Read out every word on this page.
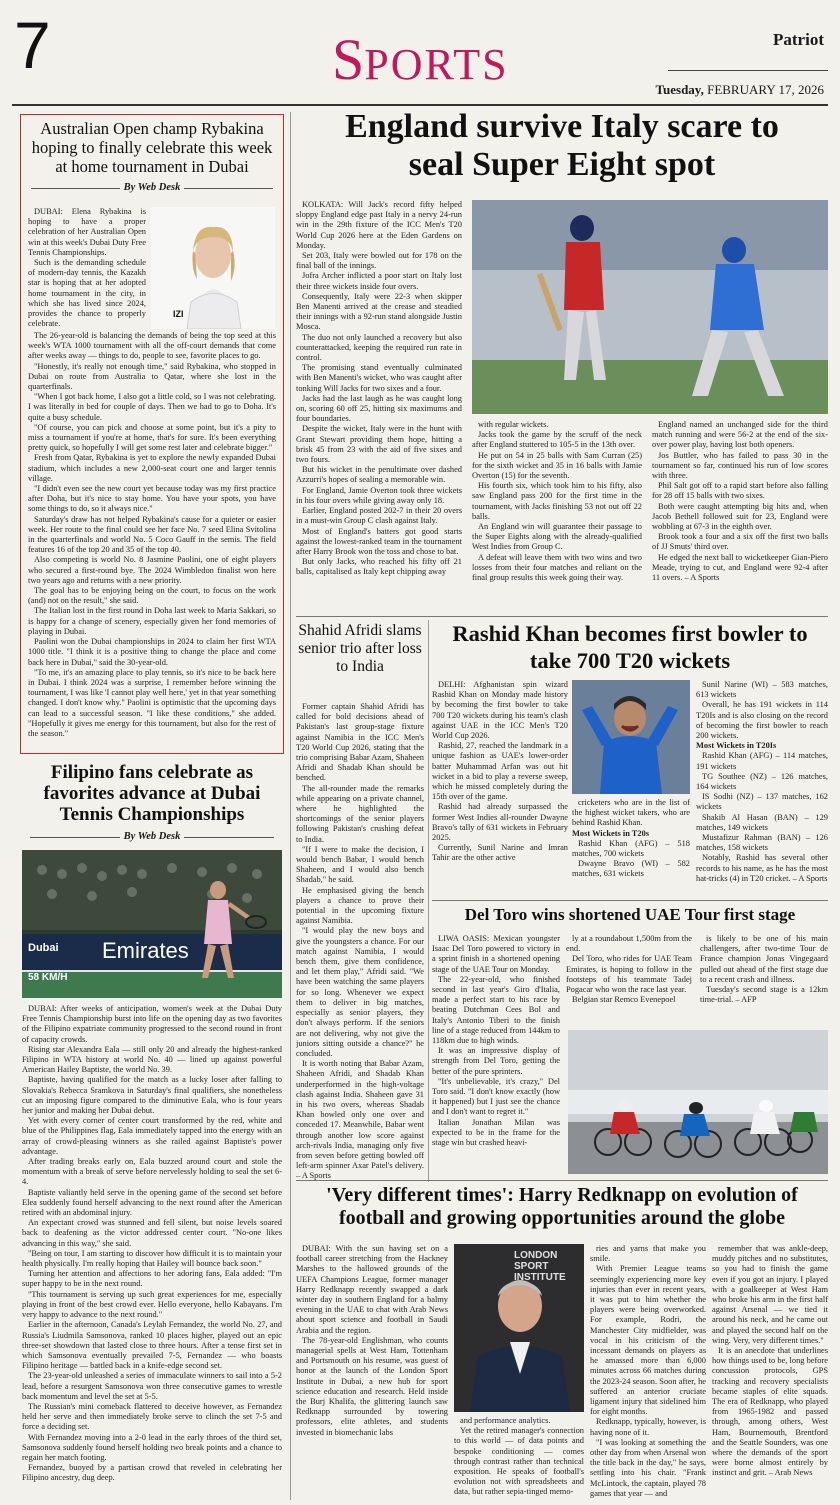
7	SPORTS
Patriot
Tuesday, FEBRUARY 17, 2026
Australian Open champ Rybakina hoping to finally celebrate this week at home tournament in Dubai
By Web Desk
IZI

DUBAI: Elena Rybakina is hoping to have a proper celebration of her Australian Open win at this week's Dubai Duty Free Tennis Championships.

Such is the demanding schedule of modern-day tennis, the Kazakh star is hoping that at her adopted home tournament in the city, in which she has lived since 2024, provides the chance to properly celebrate.

The 26-year-old is balancing the demands of being the top seed at this week's WTA 1000 tournament with all the off-court demands that come after weeks away — things to do, people to see, favorite places to go.

"Honestly, it's really not enough time," said Rybakina, who stopped in Dubai on route from Australia to Qatar, where she lost in the quarterfinals.

"When I got back home, I also got a little cold, so I was not celebrating. I was literally in bed for couple of days. Then we had to go to Doha. It's quite a busy schedule.

"Of course, you can pick and choose at some point, but it's a pity to miss a tournament if you're at home, that's for sure. It's been everything pretty quick, so hopefully I will get some rest later and celebrate bigger."

Fresh from Qatar, Rybakina is yet to explore the newly expanded Dubai stadium, which includes a new 2,000-seat court one and larger tennis village.

"I didn't even see the new court yet because today was my first practice after Doha, but it's nice to stay home. You have your spots, you have some things to do, so it always nice."

Saturday's draw has not helped Rybakina's cause for a quieter or easier week. Her route to the final could see her face No. 7 seed Elina Svitolina in the quarterfinals and world No. 5 Coco Gauff in the semis. The field features 16 of the top 20 and 35 of the top 40.

Also competing is world No. 8 Jasmine Paolini, one of eight players who secured a first-round bye. The 2024 Wimbledon finalist won here two years ago and returns with a new priority.

The goal has to be enjoying being on the court, to focus on the work (and) not on the result," she said.

The Italian lost in the first round in Doha last week to Maria Sakkari, so is happy for a change of scenery, especially given her fond memories of playing in Dubai.

Paolini won the Dubai championships in 2024 to claim her first WTA 1000 title. "I think it is a positive thing to change the place and come back here in Dubai," said the 30-year-old.

"To me, it's an amazing place to play tennis, so it's nice to be back here in Dubai. I think 2024 was a surprise, I remember before winning the tournament, I was like 'I cannot play well here,' yet in that year something changed. I don't know why." Paolini is optimistic that the upcoming days can lead to a successful season. "I like these conditions," she added. "Hopefully it gives me energy for this tournament, but also for the rest of the season."

Filipino fans celebrate as favorites advance at Dubai Tennis Championships
By Web Desk
Dubai Emirates
58 KM/H

DUBAI: After weeks of anticipation, women's week at the Dubai Duty Free Tennis Championship burst into life on the opening day as two favorites of the Filipino expatriate community progressed to the second round in front of capacity crowds.

Rising star Alexandra Eala — still only 20 and already the highest-ranked Filipino in WTA history at world No. 40 — lined up against powerful American Hailey Baptiste, the world No. 39.

Baptiste, having qualified for the match as a lucky loser after falling to Slovakia's Rebecca Sramkova in Saturday's final qualifiers, she nonetheless cut an imposing figure compared to the diminutive Eala, who is four years her junior and making her Dubai debut.

Yet with every corner of center court transformed by the red, white and blue of the Philippines flag, Eala immediately tapped into the energy with an array of crowd-pleasing winners as she railed against Baptiste's power advantage.

After trading breaks early on, Eala buzzed around court and stole the momentum with a break of serve before nervelessly holding to seal the set 6-4.

Baptiste valiantly held serve in the opening game of the second set before Elea suddenly found herself advancing to the next round after the American retired with an abdominal injury.

An expectant crowd was stunned and fell silent, but noise levels soared back to deafening as the victor addressed center court. "No-one likes advancing in this way," she said.

"Being on tour, I am starting to discover how difficult it is to maintain your health physically. I'm really hoping that Hailey will bounce back soon."

Turning her attention and affections to her adoring fans, Eala added: "I'm super happy to be in the next round.

"This tournament is serving up such great experiences for me, especially playing in front of the best crowd ever. Hello everyone, hello Kabayans. I'm very happy to advance to the next round."

Earlier in the afternoon, Canada's Leylah Fernandez, the world No. 27, and Russia's Liudmila Samsonova, ranked 10 places higher, played out an epic three-set showdown that lasted close to three hours. After a tense first set in which Samsonova eventually prevailed 7-5, Fernandez — who boasts Filipino heritage — battled back in a knife-edge second set.

The 23-year-old unleashed a series of immaculate winners to sail into a 5-2 lead, before a resurgent Samsonova won three consecutive games to wrestle back momentum and level the set at 5-5.

The Russian's mini comeback flattered to deceive however, as Fernandez held her serve and then immediately broke serve to clinch the set 7-5 and force a deciding set.

With Fernandez moving into a 2-0 lead in the early throes of the third set, Samsonova suddenly found herself holding two break points and a chance to regain her match footing.

Fernandez, buoyed by a partisan crowd that reveled in celebrating her Filipino ancestry, dug deep.

England survive Italy scare to seal Super Eight spot

KOLKATA: Will Jack's record fifty helped sloppy England edge past Italy in a nervy 24-run win in the 29th fixture of the ICC Men's T20 World Cup 2026 here at the Eden Gardens on Monday.

Set 203, Italy were bowled out for 178 on the final ball of the innings.

Jofra Archer inflicted a poor start on Italy lost their three wickets inside four overs.

Consequently, Italy were 22-3 when skipper Ben Manenti arrived at the crease and steadied their innings with a 92-run stand alongside Justin Mosca.

The duo not only launched a recovery but also counterattacked, keeping the required run rate in control.

The promising stand eventually culminated with Ben Manenti's wicket, who was caught after tonking Will Jacks for two sixes and a four.

Jacks had the last laugh as he was caught long on, scoring 60 off 25, hitting six maximums and four boundaries.

Despite the wicket, Italy were in the hunt with Grant Stewart providing them hope, hitting a brisk 45 from 23 with the aid of five sixes and two fours.

But his wicket in the penultimate over dashed Azzurri's hopes of sealing a memorable win.

For England, Jamie Overton took three wickets in his four overs while giving away only 18.

Earlier, England posted 202-7 in their 20 overs in a must-win Group C clash against Italy.

Most of England's batters got good starts against the lowest-ranked team in the tournament after Harry Brook won the toss and chose to bat.

But only Jacks, who reached his fifty off 21 balls, capitalised as Italy kept chipping away

with regular wickets.

Jacks took the game by the scruff of the neck after England stuttered to 105-5 in the 13th over.

He put on 54 in 25 balls with Sam Curran (25) for the sixth wicket and 35 in 16 balls with Jamie Overton (15) for the seventh.

His fourth six, which took him to his fifty, also saw England pass 200 for the first time in the tournament, with Jacks finishing 53 not out off 22 balls.

An England win will guarantee their passage to the Super Eights along with the already-qualified West Indies from Group C.

A defeat will leave them with two wins and two losses from their four matches and reliant on the final group results this week going their way.

England named an unchanged side for the third match running and were 56-2 at the end of the six-over power play, having lost both openers.

Jos Buttler, who has failed to pass 30 in the tournament so far, continued his run of low scores with three.

Phil Salt got off to a rapid start before also falling for 28 off 15 balls with two sixes.

Both were caught attempting big hits and, when Jacob Bethell followed suit for 23, England were wobbling at 67-3 in the eighth over.

Brook took a four and a six off the first two balls of JJ Smuts' third over.

He edged the next ball to wicketkeeper Gian-Piero Meade, trying to cut, and England were 92-4 after 11 overs. – A Sports

Shahid Afridi slams senior trio after loss to India

Former captain Shahid Afridi has called for bold decisions ahead of Pakistan's last group-stage fixture against Namibia in the ICC Men's T20 World Cup 2026, stating that the trio comprising Babar Azam, Shaheen Afridi and Shadab Khan should be benched.

The all-rounder made the remarks while appearing on a private channel, where he highlighted the shortcomings of the senior players following Pakistan's crushing defeat to India.

"If I were to make the decision, I would bench Babar, I would bench Shaheen, and I would also bench Shadab," he said.

He emphasised giving the bench players a chance to prove their potential in the upcoming fixture against Namibia.

"I would play the new boys and give the youngsters a chance. For our match against Namibia, I would bench them, give them confidence, and let them play," Afridi said. "We have been watching the same players for so long. Whenever we expect them to deliver in big matches, especially as senior players, they don't always perform. If the seniors are not delivering, why not give the juniors sitting outside a chance?" he concluded.

It is worth noting that Babar Azam, Shaheen Afridi, and Shadab Khan underperformed in the high-voltage clash against India. Shaheen gave 31 in his two overs, whereas Shadab Khan bowled only one over and conceded 17. Meanwhile, Babar went through another low score against arch-rivals India, managing only five from seven before getting bowled off left-arm spinner Axar Patel's delivery. – A Sports

Rashid Khan becomes first bowler to take 700 T20 wickets

DELHI: Afghanistan spin wizard Rashid Khan on Monday made history by becoming the first bowler to take 700 T20 wickets during his team's clash against UAE in the ICC Men's T20 World Cup 2026.

Rashid, 27, reached the landmark in a unique fashion as UAE's lower-order batter Muhammad Arfan was out hit wicket in a bid to play a reverse sweep, which he missed completely during the 15th over of the game.

Rashid had already surpassed the former West Indies all-rounder Dwayne Bravo's tally of 631 wickets in February 2025.

Currently, Sunil Narine and Imran Tahir are the other active

cricketers who are in the list of the highest wicket takers, who are behind Rashid Khan.

Most Wickets in T20s

Rashid Khan (AFG) – 518 matches, 700 wickets

Dwayne Bravo (WI) – 582 matches, 631 wickets

Sunil Narine (WI) – 583 matches, 613 wickets

Overall, he has 191 wickets in 114 T20Is and is also closing on the record of becoming the first bowler to reach 200 wickets.

Most Wickets in T20Is

Rashid Khan (AFG) – 114 matches, 191 wickets

TG Southee (NZ) – 126 matches, 164 wickets

IS Sodhi (NZ) – 137 matches, 162 wickets

Shakib Al Hasan (BAN) – 129 matches, 149 wickets

Mustafizur Rahman (BAN) – 126 matches, 158 wickets

Notably, Rashid has several other records to his name, as he has the most hat-tricks (4) in T20 cricket. – A Sports

Del Toro wins shortened UAE Tour first stage

LIWA OASIS: Mexican youngster Isaac Del Toro powered to victory in a sprint finish in a shortened opening stage of the UAE Tour on Monday.

The 22-year-old, who finished second in last year's Giro d'Italia, made a perfect start to his race by beating Dutchman Cees Bol and Italy's Antonio Tiberi to the finish line of a stage reduced from 144km to 118km due to high winds.

It was an impressive display of strength from Del Toro, getting the better of the pure sprinters.

"It's unbelievable, it's crazy," Del Toro said. "I don't know exactly (how it happened) but I just see the chance and I don't want to regret it."

Italian Jonathan Milan was expected to be in the frame for the stage win but crashed heavi-

ly at a roundabout 1,500m from the end.

Del Toro, who rides for UAE Team Emirates, is hoping to follow in the footsteps of his teammate Tadej Pogacar who won the race last year.

Belgian star Remco Evenepoel

is likely to be one of his main challengers, after two-time Tour de France champion Jonas Vingegaard pulled out ahead of the first stage due to a recent crash and illness.

Tuesday's second stage is a 12km time-trial. – AFP

'Very different times': Harry Redknapp on evolution of football and growing opportunities around the globe

DUBAI: With the sun having set on a football career stretching from the Hackney Marshes to the hallowed grounds of the UEFA Champions League, former manager Harry Redknapp recently swapped a dark winter day in southern England for a balmy evening in the UAE to chat with Arab News about sport science and football in Saudi Arabia and the region.

The 78-year-old Englishman, who counts managerial spells at West Ham, Tottenham and Portsmouth on his resume, was guest of honor at the launch of the London Sport Institute in Dubai, a new hub for sport science education and research. Held inside the Burj Khalifa, the glittering launch saw Redknapp surrounded by towering professors, elite athletes, and students invested in biomechanic labs

LONDON SPORT INSTITUTE

and performance analytics.

Yet the retired manager's connection to this world — of data points and bespoke conditioning — comes through contrast rather than technical exposition. He speaks of football's evolution not with spreadsheets and data, but rather sepia-tinged memo-

ries and yarns that make you smile.

With Premier League teams seemingly experiencing more key injuries than ever in recent years, it was put to him whether the players were being overworked. For example, Rodri, the Manchester City midfielder, was vocal in his criticism of the incessant demands on players as he amassed more than 6,000 minutes across 66 matches during the 2023-24 season. Soon after, he suffered an anterior cruciate ligament injury that sidelined him for eight months.

Redknapp, typically, however, is having none of it.

"I was looking at something the other day from when Arsenal won the title back in the day," he says, settling into his chair. "Frank McLintock, the captain, played 78 games that year — and

remember that was ankle-deep, muddy pitches and no substitutes, so you had to finish the game even if you got an injury. I played with a goalkeeper at West Ham who broke his arm in the first half against Arsenal — we tied it around his neck, and he came out and played the second half on the wing. Very, very different times."

It is an anecdote that underlines how things used to be, long before concussion protocols, GPS tracking and recovery specialists became staples of elite squads. The era of Redknapp, who played from 1965-1982 and passed through, among others, West Ham, Bournemouth, Brentford and the Seattle Sounders, was one where the demands of the sport were borne almost entirely by instinct and grit. – Arab News
